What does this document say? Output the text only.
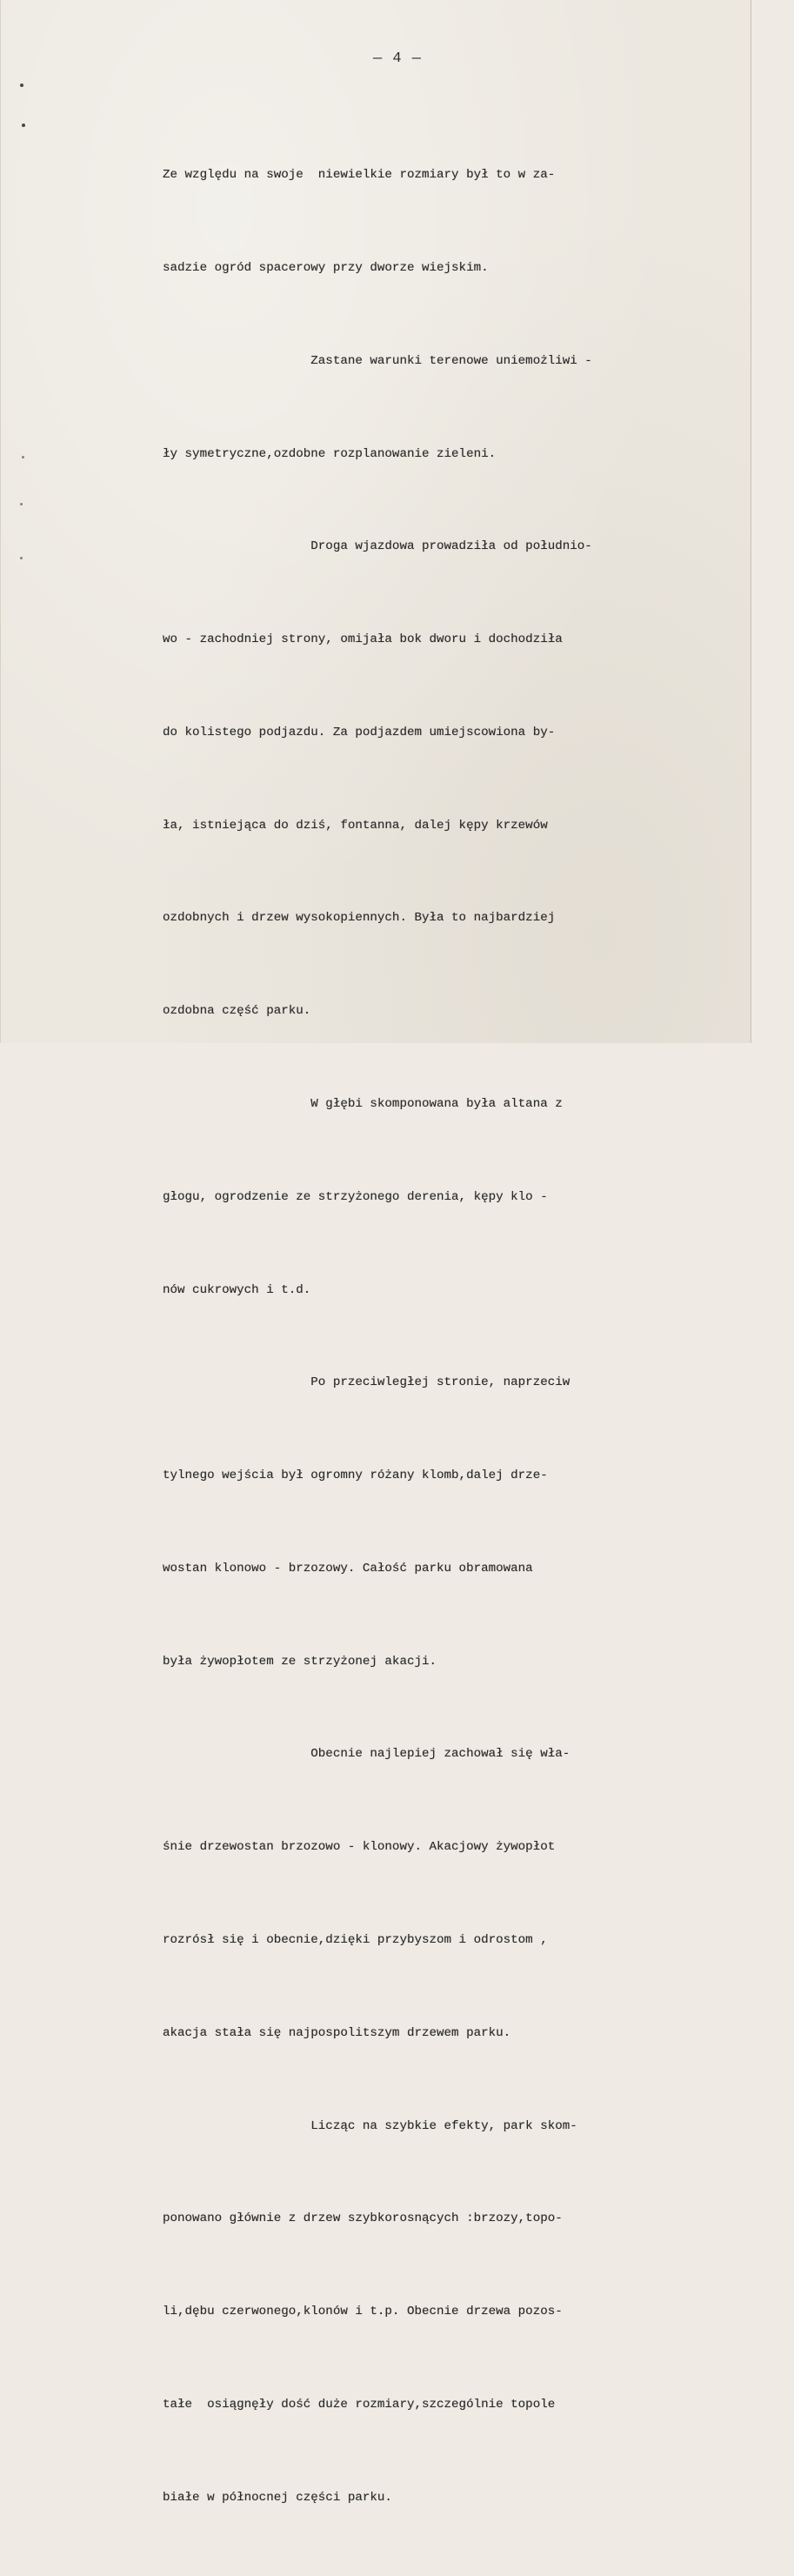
— 4 —

Ze względu na swoje  niewielkie rozmiary był to w za-

sadzie ogród spacerowy przy dworze wiejskim.

Zastane warunki terenowe uniemożliwi -

ły symetryczne,ozdobne rozplanowanie zieleni.

Droga wjazdowa prowadziła od południo-

wo - zachodniej strony, omijała bok dworu i dochodziła

do kolistego podjazdu. Za podjazdem umiejscowiona by-

ła, istniejąca do dziś, fontanna, dalej kępy krzewów

ozdobnych i drzew wysokopiennych. Była to najbardziej

ozdobna część parku.

W głębi skomponowana była altana z

głogu, ogrodzenie ze strzyżonego derenia, kępy klo -

nów cukrowych i t.d.

Po przeciwległej stronie, naprzeciw

tylnego wejścia był ogromny różany klomb,dalej drze-

wostan klonowo - brzozowy. Całość parku obramowana

była żywopłotem ze strzyżonej akacji.

Obecnie najlepiej zachował się wła-

śnie drzewostan brzozowo - klonowy. Akacjowy żywopłot

rozrósł się i obecnie,dzięki przybyszom i odrostom ,

akacja stała się najpospolitszym drzewem parku.

Licząc na szybkie efekty, park skom-

ponowano głównie z drzew szybkorosnących :brzozy,topo-

li,dębu czerwonego,klonów i t.p. Obecnie drzewa pozos-

tałe  osiągnęły dość duże rozmiary,szczególnie topole

białe w północnej części parku.
